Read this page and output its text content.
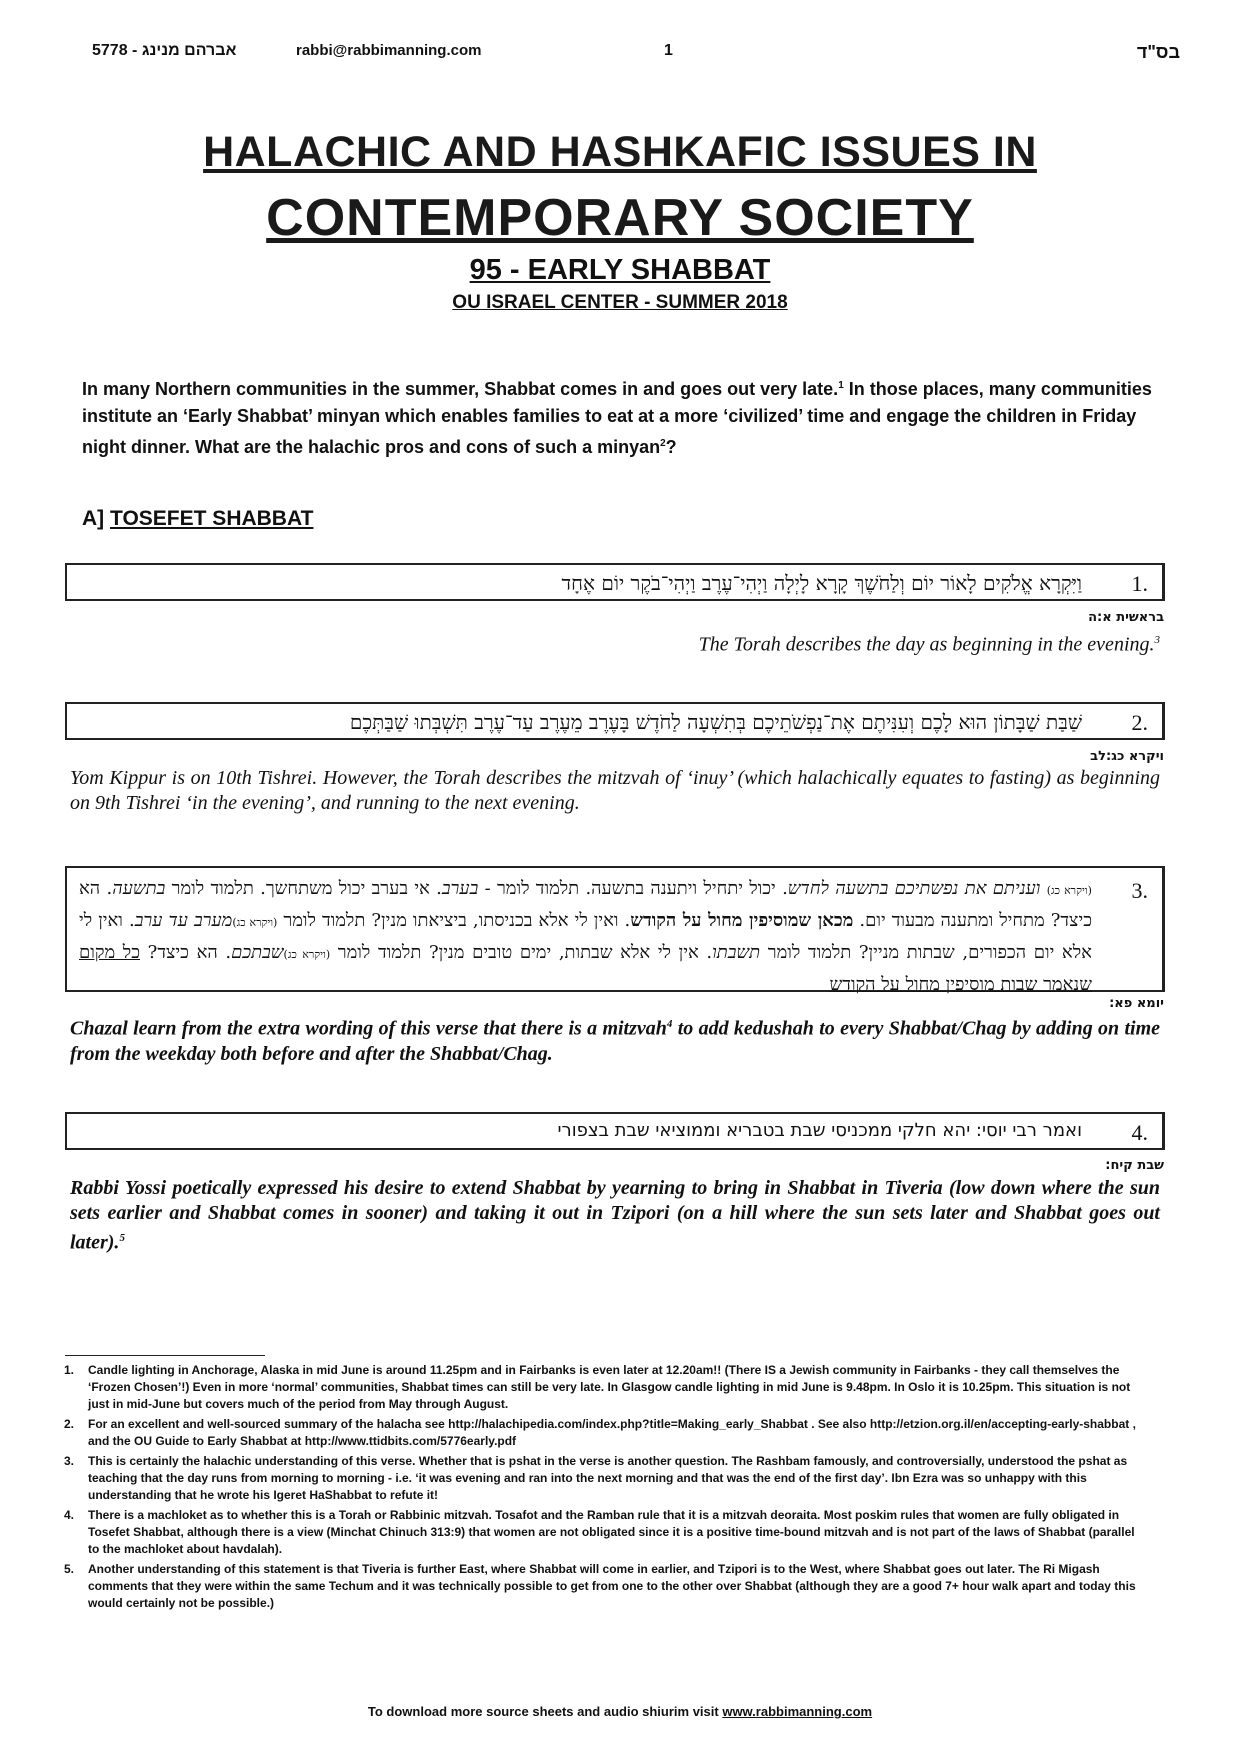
5778 - אברהם מנינג	rabbi@rabbimanning.com	1	בס"ד
HALACHIC AND HASHKAFIC ISSUES IN
CONTEMPORARY SOCIETY
95 - EARLY SHABBAT
OU ISRAEL CENTER - SUMMER 2018
In many Northern communities in the summer, Shabbat comes in and goes out very late.$^1$ In those places, many communities institute an ‘Early Shabbat’ minyan which enables families to eat at a more ‘civilized’ time and engage the children in Friday night dinner. What are the halachic pros and cons of such a minyan$^2$?
A] TOSEFET SHABBAT
וַיִּקְרָא אֱלֹקִים לָאוֹר יוֹם וְלַחֹשֶׁךְ קָרָא לָיְלָה וַיְהִי־עֶרֶב וַיְהִי־בֹקֶר יוֹם אֶחָד 1.
בראשית א:ה
The Torah describes the day as beginning in the evening.$^3$
שַׁבַּת שַׁבָּתוֹן הוּא לָכֶם וְעִנִּיתֶם אֶת־נַפְשֹׁתֵיכֶם בְּתִשְׁעָה לַחֹדֶשׁ בָּעֶרֶב מֵעֶרֶב עַד־עֶרֶב תִּשְׁבְּתוּ שַׁבַּתְּכֶם 2.
ויקרא כג:לב
Yom Kippur is on 10th Tishrei. However, the Torah describes the mitzvah of ‘inuy’ (which halachically equates to fasting) as beginning on 9th Tishrei ‘in the evening’, and running to the next evening.
3.
(ויקרא כג) ועניתם את נפשתיכם בתשעה לחדש. יכול יתחיל ויתענה בתשעה. תלמוד לומר - בערב. אי בערב יכול משתחשך. תלמוד לומר בתשעה. הא כיצד? מתחיל ומתענה מבעוד יום. מכאן שמוסיפין מחול על הקודש. ואין לי אלא בכניסתו, ביציאתו מנין? תלמוד לומר (ויקרא כג)מערב עד ערב. ואין לי אלא יום הכפורים, שבתות מניין? תלמוד לומר תשבתו. אין לי אלא שבתות, ימים טובים מנין? תלמוד לומר (ויקרא כג)שבתכם. הא כיצד? כל מקום שנאמר שבות מוסיפין מחול על הקודש
יומא פא:
Chazal learn from the extra wording of this verse that there is a mitzvah$^4$ to add kedushah to every Shabbat/Chag by adding on time from the weekday both before and after the Shabbat/Chag.
ואמר רבי יוסי: יהא חלקי ממכניסי שבת בטבריא וממוציאי שבת בצפורי 4.
שבת קיח:
Rabbi Yossi poetically expressed his desire to extend Shabbat by yearning to bring in Shabbat in Tiveria (low down where the sun sets earlier and Shabbat comes in sooner) and taking it out in Tzipori (on a hill where the sun sets later and Shabbat goes out later).$^5$
1.	Candle lighting in Anchorage, Alaska in mid June is around 11.25pm and in Fairbanks is even later at 12.20am!! (There IS a Jewish community in Fairbanks - they call themselves the ‘Frozen Chosen’!) Even in more ‘normal’ communities, Shabbat times can still be very late. In Glasgow candle lighting in mid June is 9.48pm. In Oslo it is 10.25pm. This situation is not just in mid-June but covers much of the period from May through August.
2.	For an excellent and well-sourced summary of the halacha see http://halachipedia.com/index.php?title=Making_early_Shabbat . See also http://etzion.org.il/en/accepting-early-shabbat , and the OU Guide to Early Shabbat at http://www.ttidbits.com/5776early.pdf
3.	This is certainly the halachic understanding of this verse. Whether that is pshat in the verse is another question. The Rashbam famously, and controversially, understood the pshat as teaching that the day runs from morning to morning - i.e. ‘it was evening and ran into the next morning and that was the end of the first day’. Ibn Ezra was so unhappy with this understanding that he wrote his Igeret HaShabbat to refute it!
4.	There is a machloket as to whether this is a Torah or Rabbinic mitzvah. Tosafot and the Ramban rule that it is a mitzvah deoraita. Most poskim rules that women are fully obligated in Tosefet Shabbat, although there is a view (Minchat Chinuch 313:9) that women are not obligated since it is a positive time-bound mitzvah and is not part of the laws of Shabbat (parallel to the machloket about havdalah).
5.	Another understanding of this statement is that Tiveria is further East, where Shabbat will come in earlier, and Tzipori is to the West, where Shabbat goes out later. The Ri Migash comments that they were within the same Techum and it was technically possible to get from one to the other over Shabbat (although they are a good 7+ hour walk apart and today this would certainly not be possible.)
To download more source sheets and audio shiurim visit www.rabbimanning.com
